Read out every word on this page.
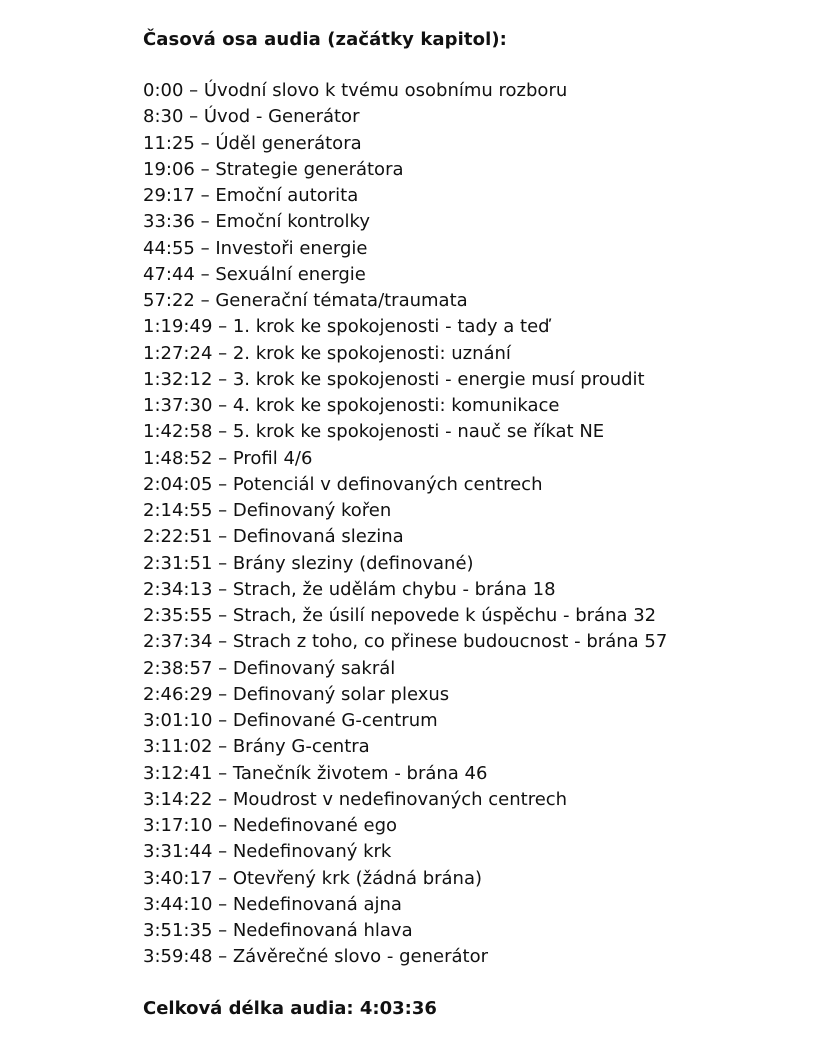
Časová osa audia (začátky kapitol):

0:00 – Úvodní slovo k tvému osobnímu rozboru
8:30 – Úvod - Generátor
11:25 – Úděl generátora
19:06 – Strategie generátora
29:17 – Emoční autorita
33:36 – Emoční kontrolky
44:55 – Investoři energie
47:44 – Sexuální energie
57:22 – Generační témata/traumata
1:19:49 – 1. krok ke spokojenosti - tady a teď
1:27:24 – 2. krok ke spokojenosti: uznání
1:32:12 – 3. krok ke spokojenosti - energie musí proudit
1:37:30 – 4. krok ke spokojenosti: komunikace
1:42:58 – 5. krok ke spokojenosti - nauč se říkat NE
1:48:52 – Profil 4/6
2:04:05 – Potenciál v definovaných centrech
2:14:55 – Definovaný kořen
2:22:51 – Definovaná slezina
2:31:51 – Brány sleziny (definované)
2:34:13 – Strach, že udělám chybu - brána 18
2:35:55 – Strach, že úsilí nepovede k úspěchu - brána 32
2:37:34 – Strach z toho, co přinese budoucnost - brána 57
2:38:57 – Definovaný sakrál
2:46:29 – Definovaný solar plexus
3:01:10 – Definované G-centrum
3:11:02 – Brány G-centra
3:12:41 – Tanečník životem - brána 46
3:14:22 – Moudrost v nedefinovaných centrech
3:17:10 – Nedefinované ego
3:31:44 – Nedefinovaný krk
3:40:17 – Otevřený krk (žádná brána)
3:44:10 – Nedefinovaná ajna
3:51:35 – Nedefinovaná hlava
3:59:48 – Závěrečné slovo - generátor

Celková délka audia: 4:03:36
